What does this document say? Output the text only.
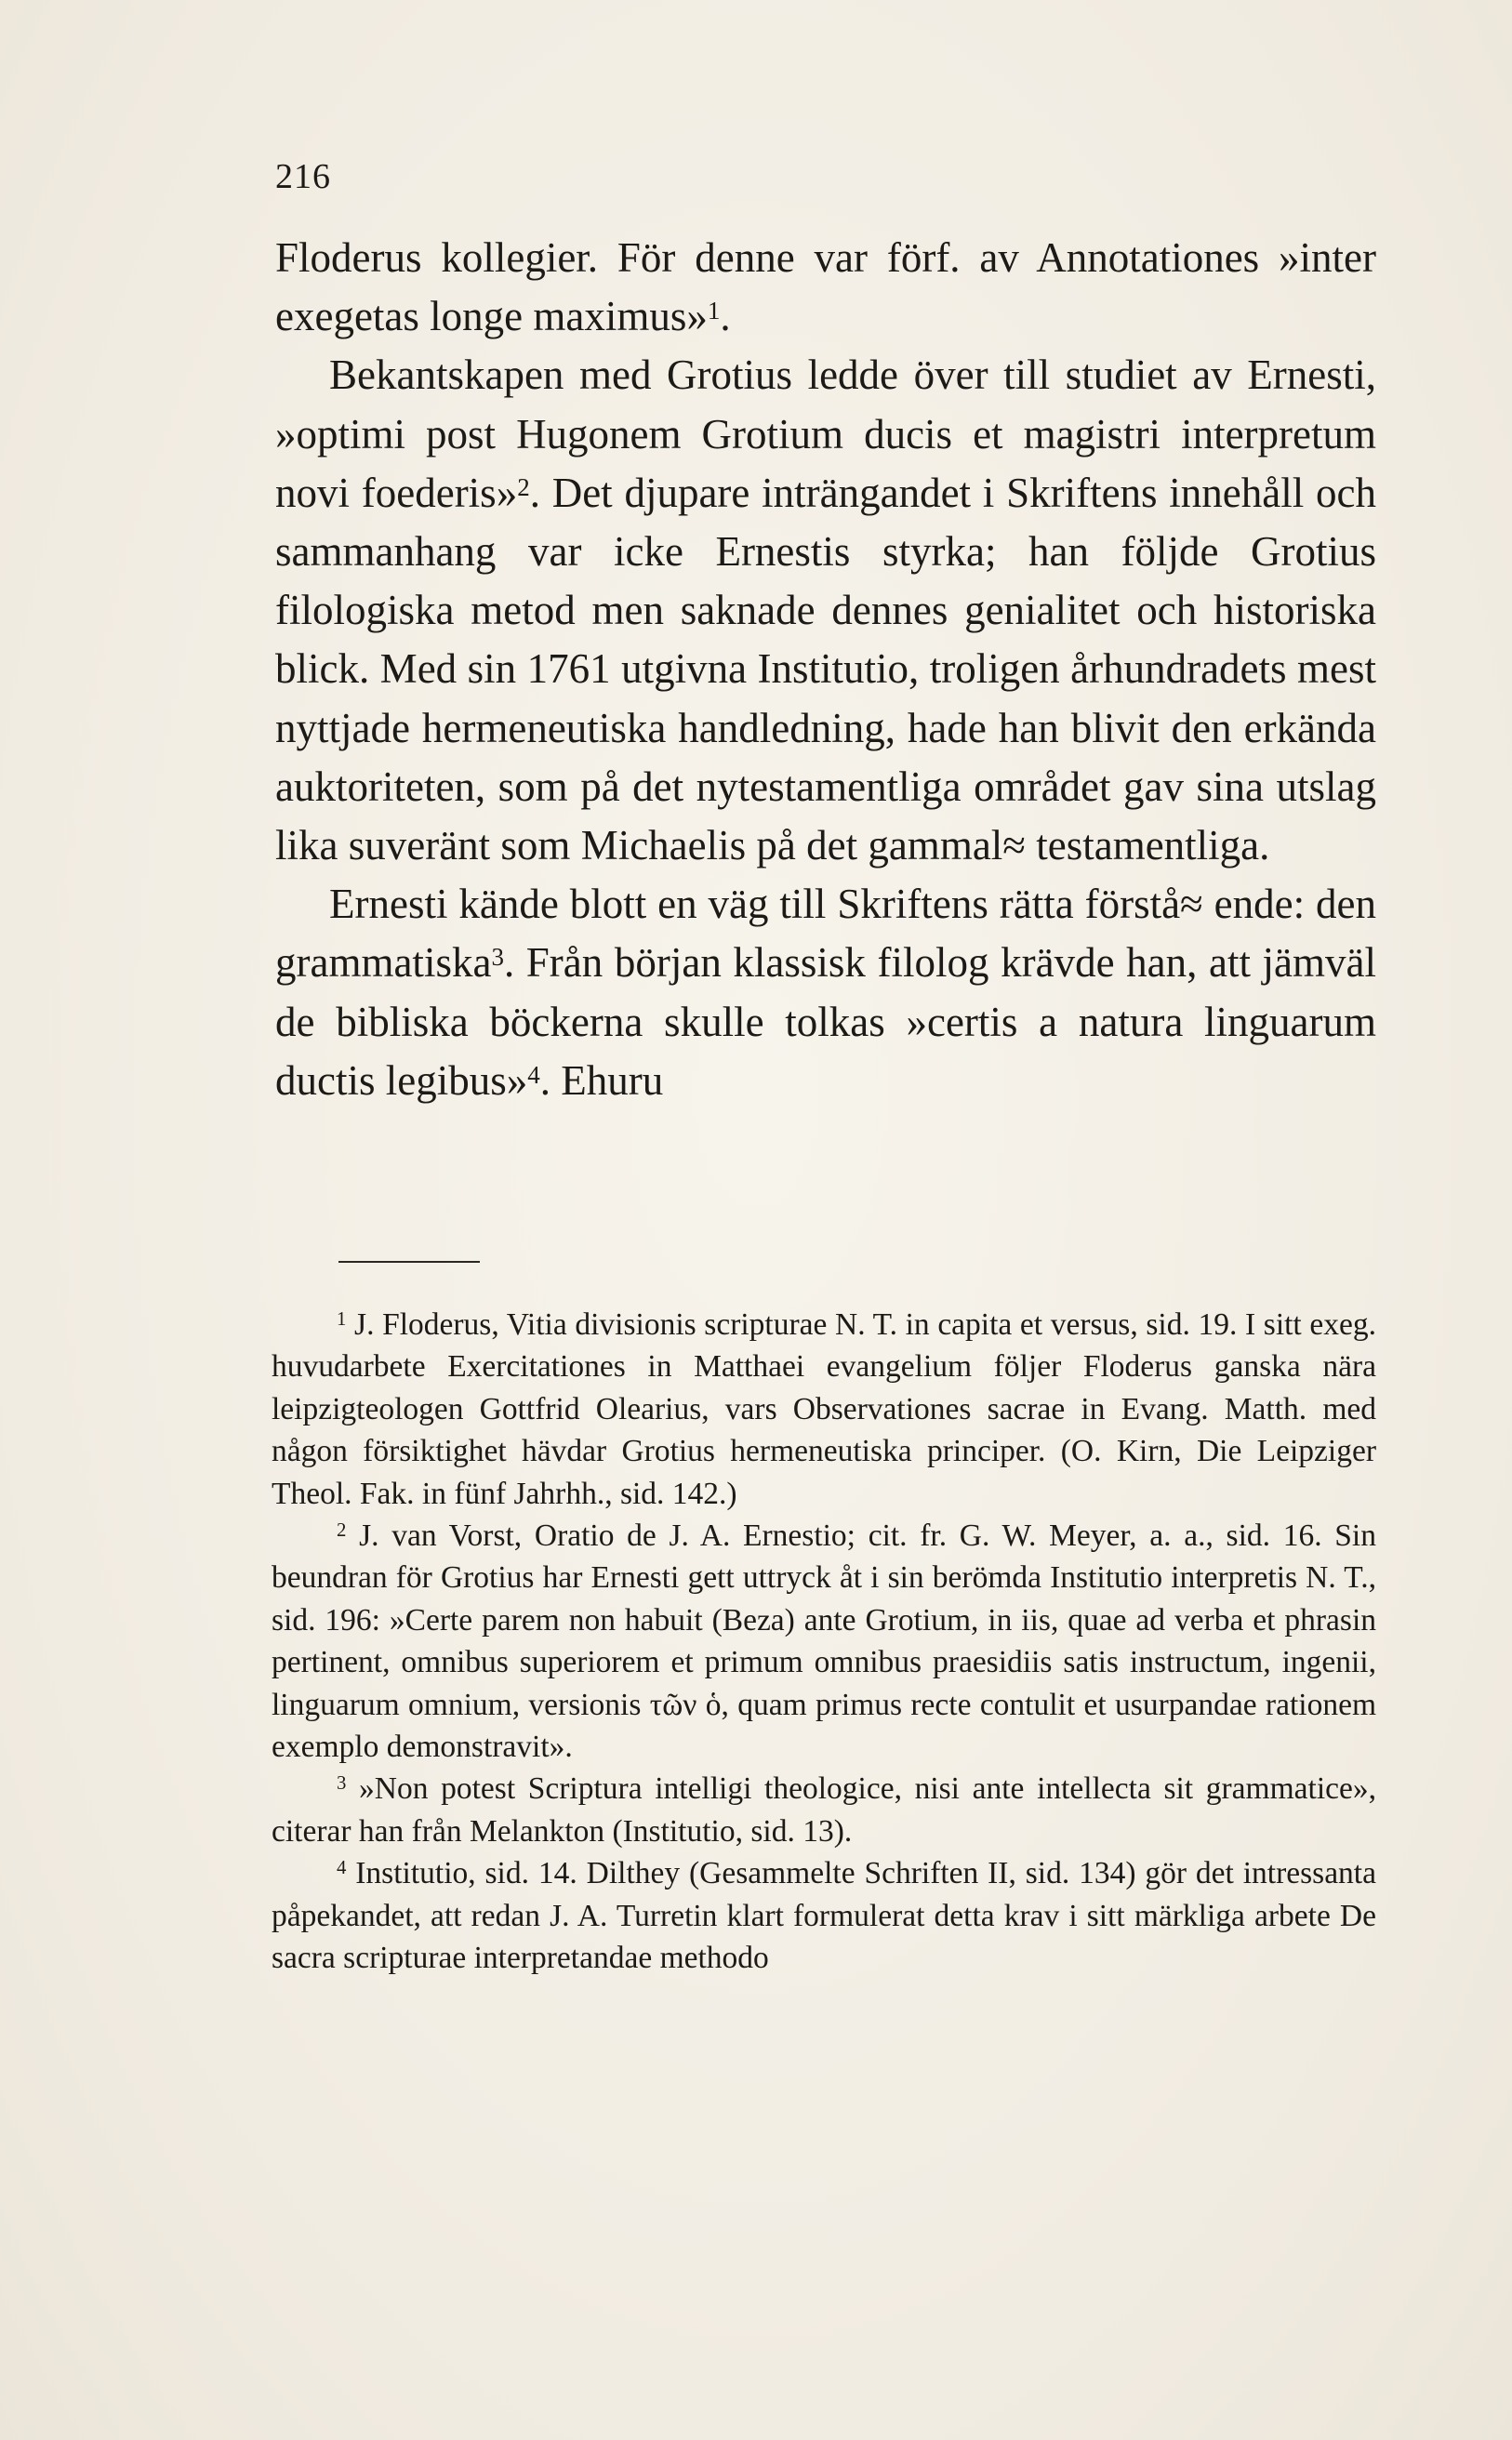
216

Floderus kollegier. För denne var förf. av Annotationes »inter exegetas longe maximus»$^1$.

Bekantskapen med Grotius ledde över till studiet av Ernesti, »optimi post Hugonem Grotium ducis et magistri interpretum novi foederis»$^2$. Det djupare inträngandet i Skriftens innehåll och sammanhang var icke Ernestis styrka; han följde Grotius filologiska metod men saknade dennes genialitet och historiska blick. Med sin 1761 utgivna Institutio, troligen århundradets mest nyttjade hermeneutiska handledning, hade han blivit den erkända auktoriteten, som på det nytestamentliga området gav sina utslag lika suveränt som Michaelis på det gammal≈ testamentliga.

Ernesti kände blott en väg till Skriftens rätta förstå≈ ende: den grammatiska$^3$. Från början klassisk filolog krävde han, att jämväl de bibliska böckerna skulle tolkas »certis a natura linguarum ductis legibus»$^4$. Ehuru

$^1$ J. Floderus, Vitia divisionis scripturae N. T. in capita et versus, sid. 19. I sitt exeg. huvudarbete Exercitationes in Matthaei evangelium följer Floderus ganska nära leipzigteologen Gottfrid Olearius, vars Observationes sacrae in Evang. Matth. med någon försiktighet hävdar Grotius hermeneutiska principer. (O. Kirn, Die Leipziger Theol. Fak. in fünf Jahrhh., sid. 142.)

$^2$ J. van Vorst, Oratio de J. A. Ernestio; cit. fr. G. W. Meyer, a. a., sid. 16. Sin beundran för Grotius har Ernesti gett uttryck åt i sin berömda Institutio interpretis N. T., sid. 196: »Certe parem non habuit (Beza) ante Grotium, in iis, quae ad verba et phrasin pertinent, omnibus superiorem et primum omnibus praesidiis satis instructum, ingenii, linguarum omnium, versionis τῶν ὁ, quam primus recte contulit et usurpandae rationem exemplo demonstravit».

$^3$ »Non potest Scriptura intelligi theologice, nisi ante intellecta sit grammatice», citerar han från Melankton (Institutio, sid. 13).

$^4$ Institutio, sid. 14. Dilthey (Gesammelte Schriften II, sid. 134) gör det intressanta påpekandet, att redan J. A. Turretin klart formulerat detta krav i sitt märkliga arbete De sacra scripturae interpretandae methodo
